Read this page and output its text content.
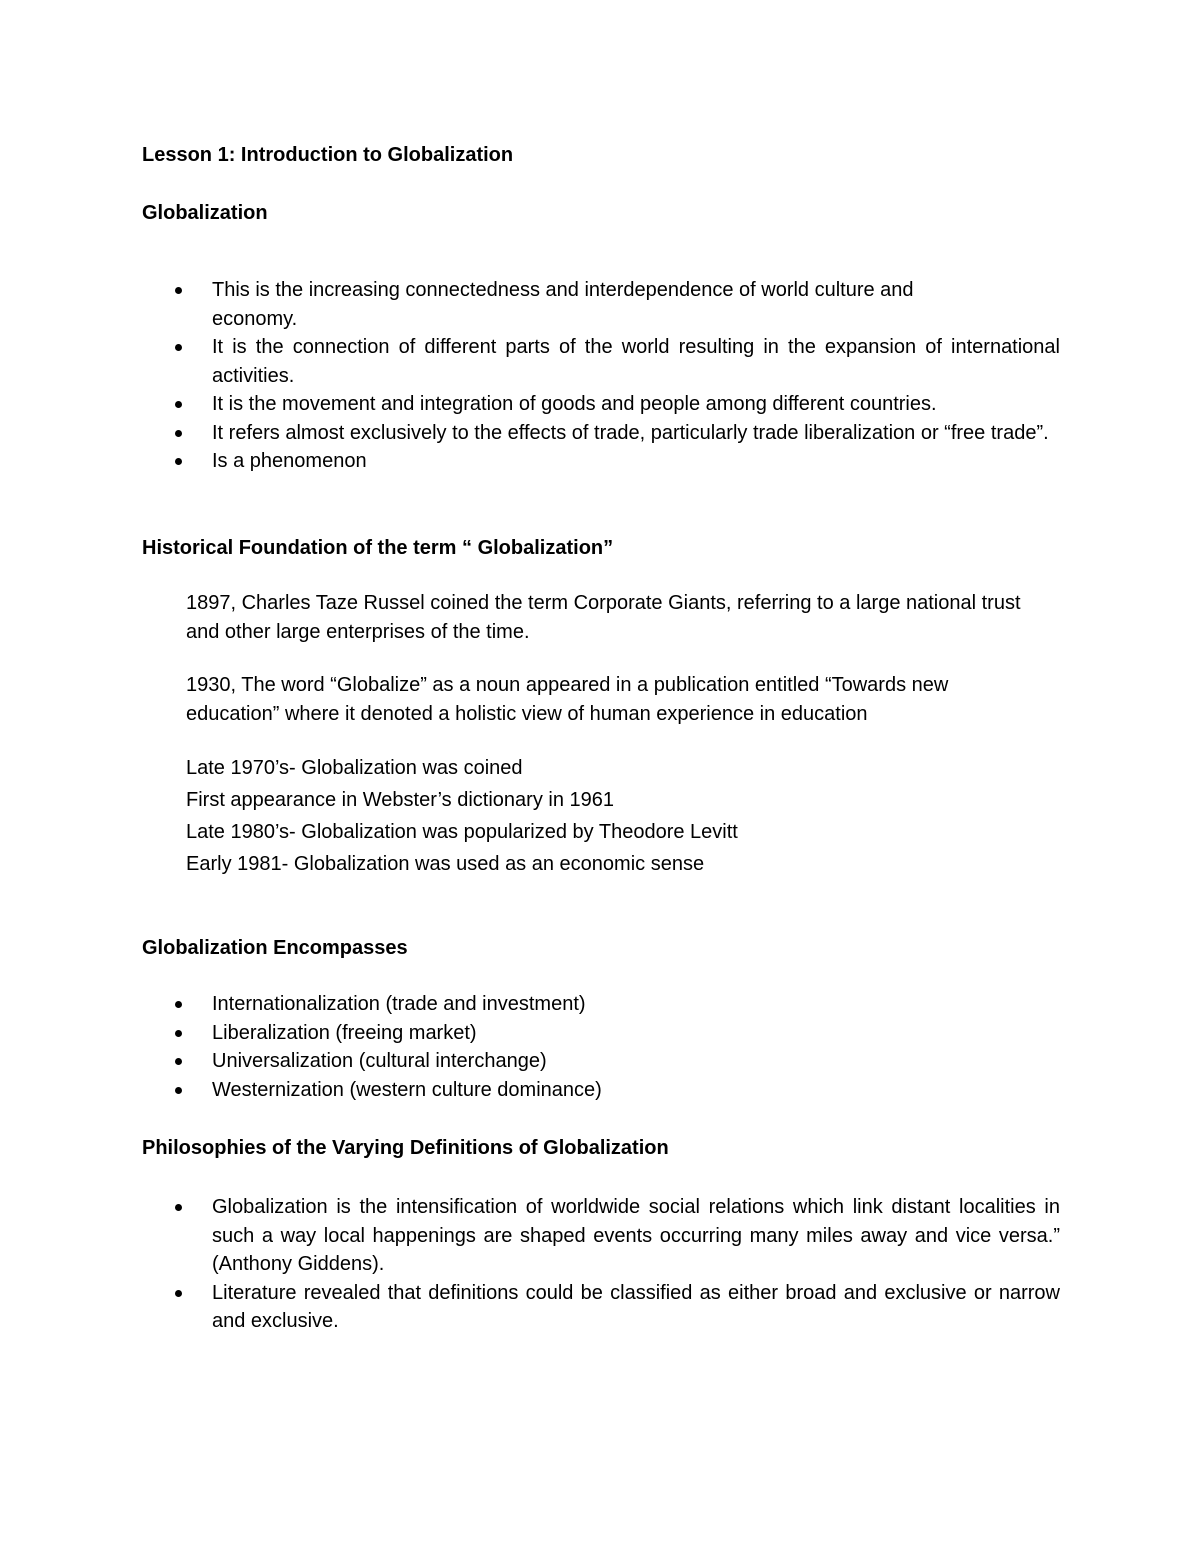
Lesson 1: Introduction to Globalization
Globalization
This is the increasing connectedness and interdependence of world culture and economy.
It is the connection of different parts of the world resulting in the expansion of international activities.
It is the movement and integration of goods and people among different countries.
It refers almost exclusively to the effects of trade, particularly trade liberalization or “free trade”.
Is a phenomenon
Historical Foundation of the term “ Globalization”

1897, Charles Taze Russel coined the term Corporate Giants, referring to a large national trust and other large enterprises of the time.

1930, The word “Globalize” as a noun appeared in a publication entitled “Towards new education” where it denoted a holistic view of human experience in education

Late 1970’s- Globalization was coined
First appearance in Webster’s dictionary in 1961
Late 1980’s- Globalization was popularized by Theodore Levitt
Early 1981- Globalization was used as an economic sense
Globalization Encompasses
Internationalization (trade and investment)
Liberalization (freeing market)
Universalization (cultural interchange)
Westernization (western culture dominance)
Philosophies of the Varying Definitions of Globalization
Globalization is the intensification of worldwide social relations which link distant localities in such a way local happenings are shaped events occurring many miles away and vice versa.” (Anthony Giddens).
Literature revealed that definitions could be classified as either broad and exclusive or narrow and exclusive.
